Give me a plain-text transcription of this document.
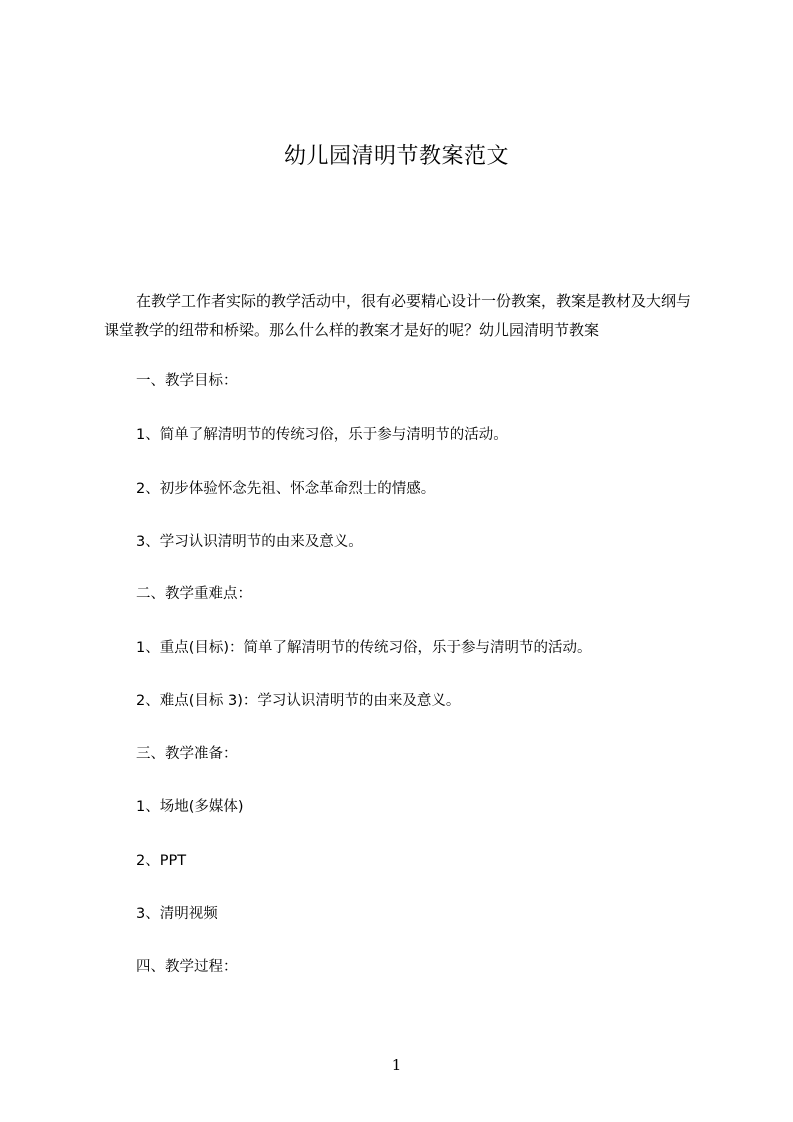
幼儿园清明节教案范文

在教学工作者实际的教学活动中，很有必要精心设计一份教案，教案是教材及大纲与课堂教学的纽带和桥梁。那么什么样的教案才是好的呢？幼儿园清明节教案

一、教学目标：

1、简单了解清明节的传统习俗，乐于参与清明节的活动。

2、初步体验怀念先祖、怀念革命烈士的情感。

3、学习认识清明节的由来及意义。

二、教学重难点：

1、重点(目标)：简单了解清明节的传统习俗，乐于参与清明节的活动。

2、难点(目标 3)：学习认识清明节的由来及意义。

三、教学准备：

1、场地(多媒体)

2、PPT

3、清明视频

四、教学过程：

1
